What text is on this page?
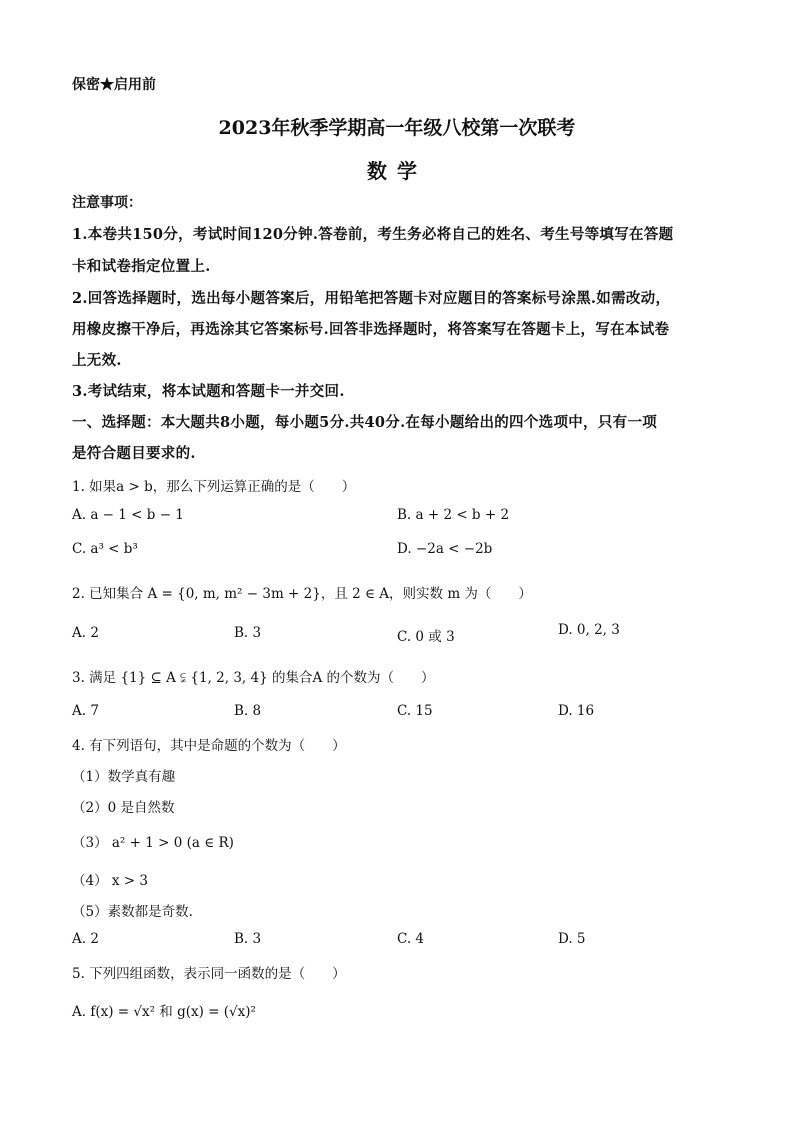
保密★启用前
2023年秋季学期高一年级八校第一次联考
数学
注意事项：
1.本卷共150分，考试时间120分钟.答卷前，考生务必将自己的姓名、考生号等填写在答题
卡和试卷指定位置上.
2.回答选择题时，选出每小题答案后，用铅笔把答题卡对应题目的答案标号涂黑.如需改动，
用橡皮擦干净后，再选涂其它答案标号.回答非选择题时，将答案写在答题卡上，写在本试卷
上无效.
3.考试结束，将本试题和答题卡一并交回.
一、选择题：本大题共8小题，每小题5分.共40分.在每小题给出的四个选项中，只有一项
是符合题目要求的.
1. 如果a > b，那么下列运算正确的是（　　）
A. a − 1 < b − 1	B. a + 2 < b + 2
C. a³ < b³	D. −2a < −2b
2. 已知集合 A = {0, m, m² − 3m + 2}，且 2 ∈ A，则实数 m 为（　　）
A. 2	B. 3	C. 0 或 3	D. 0, 2, 3
3. 满足 {1} ⊆ A ⫋ {1, 2, 3, 4} 的集合A 的个数为（　　）
A. 7	B. 8	C. 15	D. 16
4. 有下列语句，其中是命题的个数为（　　）
（1）数学真有趣
（2）0 是自然数
（3） a² + 1 > 0 (a ∈ R)
（4） x > 3
（5）素数都是奇数.
A. 2	B. 3	C. 4	D. 5
5. 下列四组函数，表示同一函数的是（　　）
A. f(x) = √x² 和 g(x) = (√x)²
